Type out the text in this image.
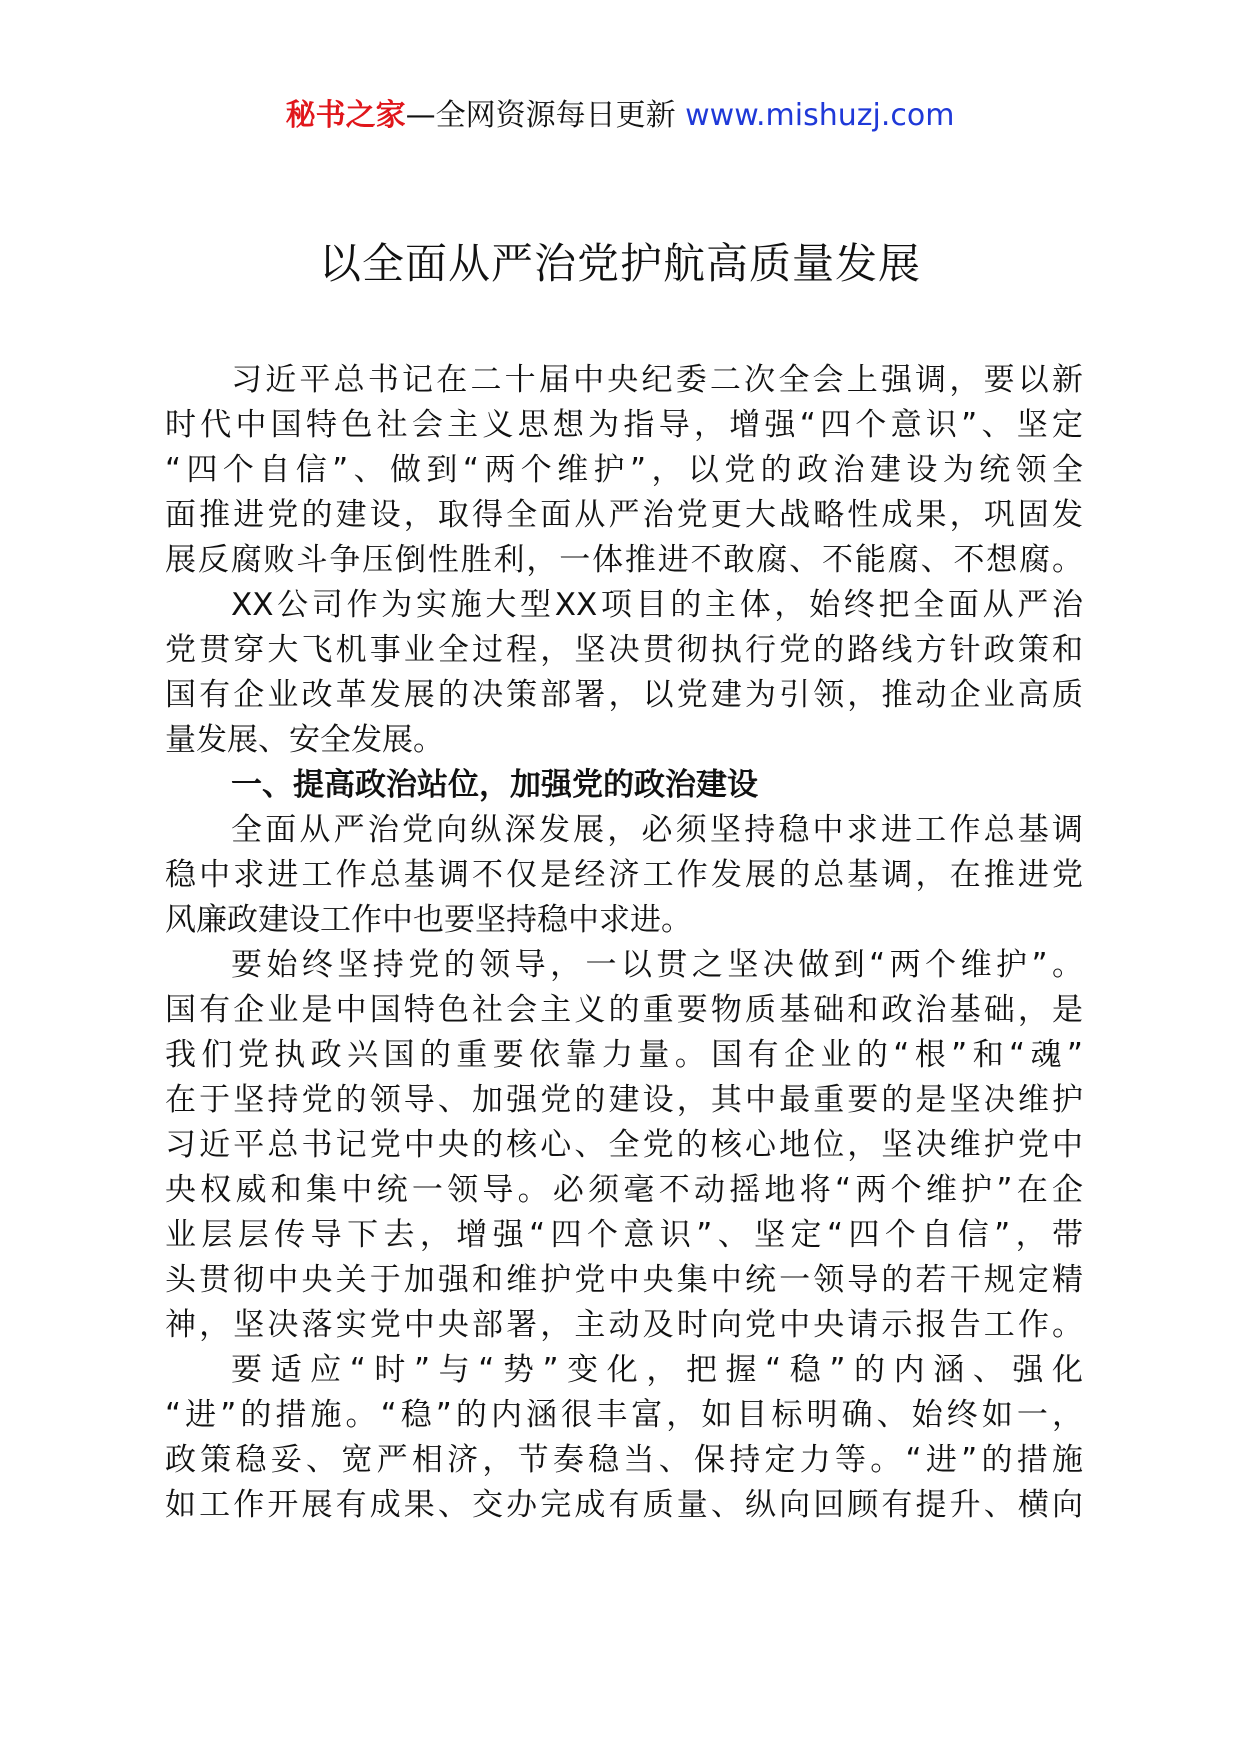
秘书之家—全网资源每日更新 www.mishuzj.com
以全面从严治党护航高质量发展
习近平总书记在二十届中央纪委二次全会上强调，要以新
时代中国特色社会主义思想为指导，增强“四个意识”、坚定
“四个自信”、做到“两个维护”，以党的政治建设为统领全
面推进党的建设，取得全面从严治党更大战略性成果，巩固发
展反腐败斗争压倒性胜利，一体推进不敢腐、不能腐、不想腐。
XX公司作为实施大型XX项目的主体，始终把全面从严治
党贯穿大飞机事业全过程，坚决贯彻执行党的路线方针政策和
国有企业改革发展的决策部署，以党建为引领，推动企业高质
量发展、安全发展。
一、提高政治站位，加强党的政治建设
全面从严治党向纵深发展，必须坚持稳中求进工作总基调
稳中求进工作总基调不仅是经济工作发展的总基调，在推进党
风廉政建设工作中也要坚持稳中求进。
要始终坚持党的领导，一以贯之坚决做到“两个维护”。
国有企业是中国特色社会主义的重要物质基础和政治基础，是
我们党执政兴国的重要依靠力量。国有企业的“根”和“魂”
在于坚持党的领导、加强党的建设，其中最重要的是坚决维护
习近平总书记党中央的核心、全党的核心地位，坚决维护党中
央权威和集中统一领导。必须毫不动摇地将“两个维护”在企
业层层传导下去，增强“四个意识”、坚定“四个自信”，带
头贯彻中央关于加强和维护党中央集中统一领导的若干规定精
神，坚决落实党中央部署，主动及时向党中央请示报告工作。
要适应“时”与“势”变化，把握“稳”的内涵、强化
“进”的措施。“稳”的内涵很丰富，如目标明确、始终如一，
政策稳妥、宽严相济，节奏稳当、保持定力等。“进”的措施
如工作开展有成果、交办完成有质量、纵向回顾有提升、横向
